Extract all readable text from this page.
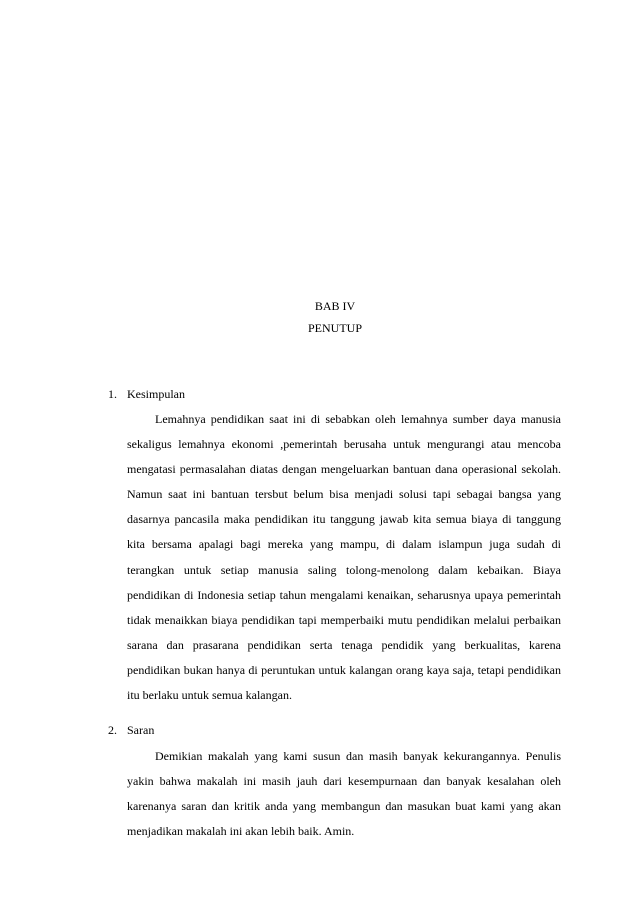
BAB IV
PENUTUP
1. Kesimpulan
Lemahnya pendidikan saat ini di sebabkan oleh lemahnya sumber daya manusia sekaligus lemahnya ekonomi ,pemerintah berusaha untuk mengurangi atau mencoba mengatasi permasalahan diatas dengan mengeluarkan bantuan dana operasional sekolah. Namun saat ini bantuan tersbut belum bisa menjadi solusi tapi sebagai bangsa yang dasarnya pancasila maka pendidikan itu tanggung jawab kita semua biaya di tanggung kita bersama apalagi bagi mereka yang mampu, di dalam islampun juga sudah di terangkan untuk setiap manusia saling tolong-menolong dalam kebaikan. Biaya pendidikan di Indonesia setiap tahun mengalami kenaikan, seharusnya upaya pemerintah tidak menaikkan biaya pendidikan tapi memperbaiki mutu pendidikan melalui perbaikan sarana dan prasarana pendidikan serta tenaga pendidik yang berkualitas, karena pendidikan bukan hanya di peruntukan untuk kalangan orang kaya saja, tetapi pendidikan itu berlaku untuk semua kalangan.
2. Saran
Demikian makalah yang kami susun dan masih banyak kekurangannya. Penulis yakin bahwa makalah ini masih jauh dari kesempurnaan dan banyak kesalahan oleh karenanya saran dan kritik anda yang membangun dan masukan buat kami yang akan menjadikan makalah ini akan lebih baik. Amin.
